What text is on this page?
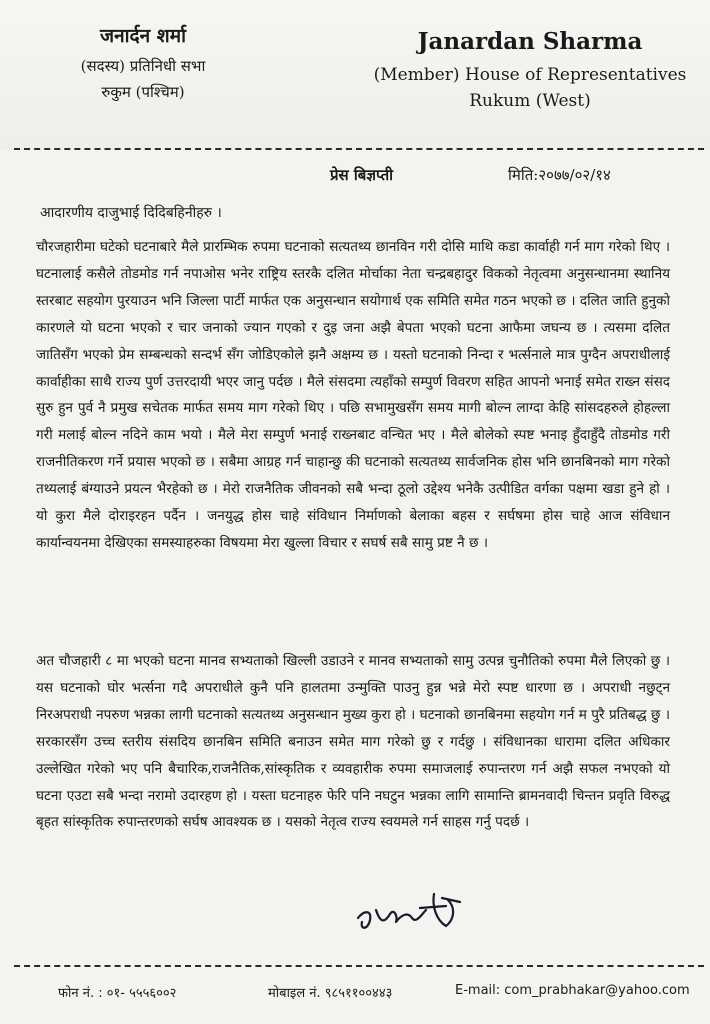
जनार्दन शर्मा
(सदस्य) प्रतिनिधी सभा
रुकुम (पश्चिम)
Janardan Sharma
(Member) House of Representatives
Rukum (West)
प्रेस बिज्ञप्ती	मिति:२०७७/०२/१४
आदारणीय दाजुभाई दिदिबहिनीहरु ।

चौरजहारीमा घटेको घटनाबारे मैले प्रारम्भिक रुपमा घटनाको सत्यतथ्य छानविन गरी दोसि माथि कडा कार्वाही गर्न माग गरेको थिए । घटनालाई कसैले तोडमोड गर्न नपाओस भनेर राष्ट्रिय स्तरकै दलित मोर्चाका नेता चन्द्रबहादुर विकको नेतृत्वमा अनुसन्धानमा स्थानिय स्तरबाट सहयोग पुरयाउन भनि जिल्ला पार्टी मार्फत एक अनुसन्धान सयोगार्थ एक समिति समेत गठन भएको छ । दलित जाति हुनुको कारणले यो घटना भएको र चार जनाको ज्यान गएको र दुइ जना अझै बेपता भएको घटना आफैमा जघन्य छ । त्यसमा दलित जातिसँग भएको प्रेम सम्बन्धको सन्दर्भ सँग जोडिएकोले झनै अक्षम्य छ । यस्तो घटनाको निन्दा र भर्त्सनाले मात्र पुग्दैन अपराधीलाई कार्वाहीका साथै राज्य पुर्ण उत्तरदायी भएर जानु पर्दछ । मैले संसदमा त्यहाँको सम्पुर्ण विवरण सहित आपनो भनाई समेत राख्न संसद सुरु हुन पुर्व नै प्रमुख सचेतक मार्फत समय माग गरेको थिए । पछि सभामुखसँग समय मागी बोल्न लाग्दा केहि सांसदहरुले होहल्ला गरी मलाई बोल्न नदिने काम भयो । मैले मेरा सम्पुर्ण भनाई राख्नबाट वन्चित भए । मैले बोलेको स्पष्ट भनाइ हुँदाहुँदै तोडमोड गरी राजनीतिकरण गर्ने प्रयास भएको छ । सबैमा आग्रह गर्न चाहान्छु की घटनाको सत्यतथ्य सार्वजनिक होस भनि छानबिनको माग गरेको तथ्यलाई बंग्याउने प्रयत्न भैरहेको छ । मेरो राजनैतिक जीवनको सबै भन्दा ठूलो उद्देश्य भनेकै उत्पीडित वर्गका पक्षमा खडा हुने हो । यो कुरा मैले दोराइरहन पर्दैन । जनयुद्ध होस चाहे संविधान निर्माणको बेलाका बहस र सर्घषमा होस चाहे आज संविधान कार्यान्वयनमा देखिएका समस्याहरुका विषयमा मेरा खुल्ला विचार र सघर्ष सबै सामु प्रष्ट नै छ ।

अत चौजहारी ८ मा भएको घटना मानव सभ्यताको खिल्ली उडाउने र मानव सभ्यताको सामु उत्पन्न चुनौतिको रुपमा मैले लिएको छु । यस घटनाको घोर भर्त्सना गदै अपराधीले कुनै पनि हालतमा उन्मुक्ति पाउनु हुन्न भन्ने मेरो स्पष्ट धारणा छ । अपराधी नछुट्न निरअपराधी नपरुण भन्नका लागी घटनाको सत्यतथ्य अनुसन्धान मुख्य कुरा हो । घटनाको छानबिनमा सहयोग गर्न म पुरै प्रतिबद्ध छु । सरकारसँग उच्च स्तरीय संसदिय छानबिन समिति बनाउन समेत माग गरेको छु र गर्दछु । संविधानका धारामा दलित अधिकार उल्लेखित गरेको भए पनि बैचारिक,राजनैतिक,सांस्कृतिक र व्यवहारीक रुपमा समाजलाई रुपान्तरण गर्न अझै सफल नभएको यो घटना एउटा सबै भन्दा नरामो उदारहण हो । यस्ता घटनाहरु फेरि पनि नघटुन भन्नका लागि सामान्ति ब्रामनवादी चिन्तन प्रवृति विरुद्ध बृहत सांस्कृतिक रुपान्तरणको सर्घष आवश्यक छ । यसको नेतृत्व राज्य स्वयमले गर्न साहस गर्नु पदर्छ ।

फोन नं. : ०१- ५५५६००२	मोबाइल नं. ९८५११००४४३	E-mail: com_prabhakar@yahoo.com
